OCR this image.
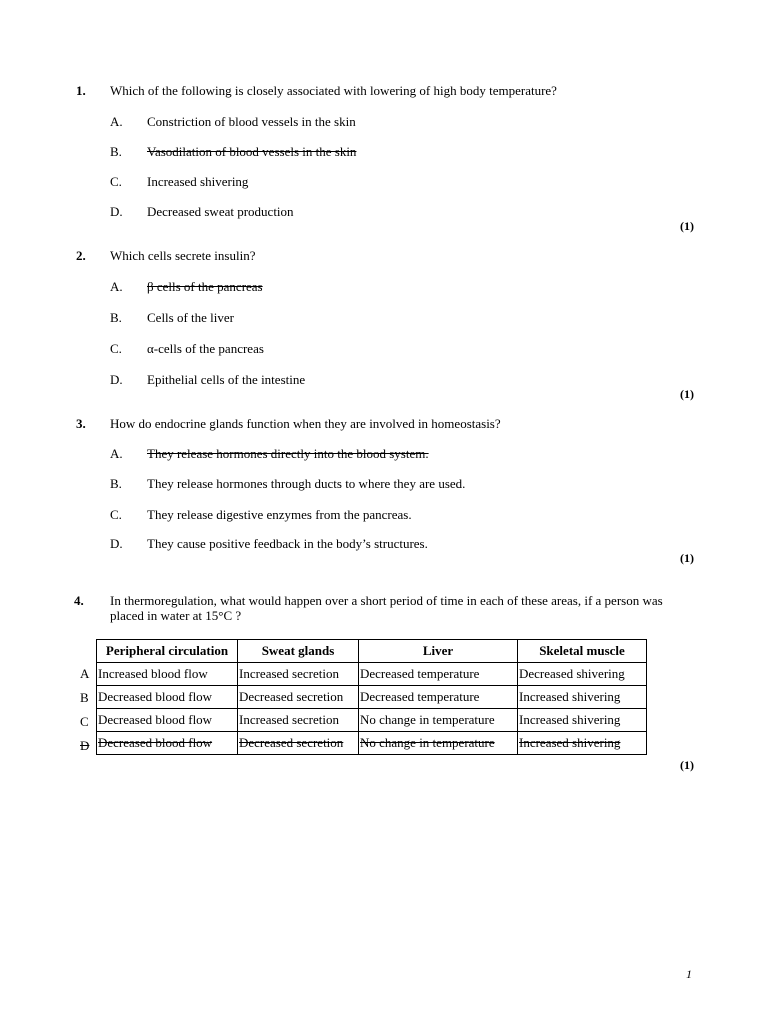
1. Which of the following is closely associated with lowering of high body temperature?
A. Constriction of blood vessels in the skin
B. Vasodilation of blood vessels in the skin
C. Increased shivering
D. Decreased sweat production
(1)
2. Which cells secrete insulin?
A. β cells of the pancreas
B. Cells of the liver
C. α-cells of the pancreas
D. Epithelial cells of the intestine
(1)
3. How do endocrine glands function when they are involved in homeostasis?
A. They release hormones directly into the blood system.
B. They release hormones through ducts to where they are used.
C. They release digestive enzymes from the pancreas.
D. They cause positive feedback in the body’s structures.
(1)
4. In thermoregulation, what would happen over a short period of time in each of these areas, if a person was placed in water at 15°C ?
A
B
C
D
Peripheral circulation	Sweat glands	Liver	Skeletal muscle
Increased blood flow	Increased secretion	Decreased temperature	Decreased shivering
Decreased blood flow	Decreased secretion	Decreased temperature	Increased shivering
Decreased blood flow	Increased secretion	No change in temperature	Increased shivering
Decreased blood flow	Decreased secretion	No change in temperature	Increased shivering
(1)
1
